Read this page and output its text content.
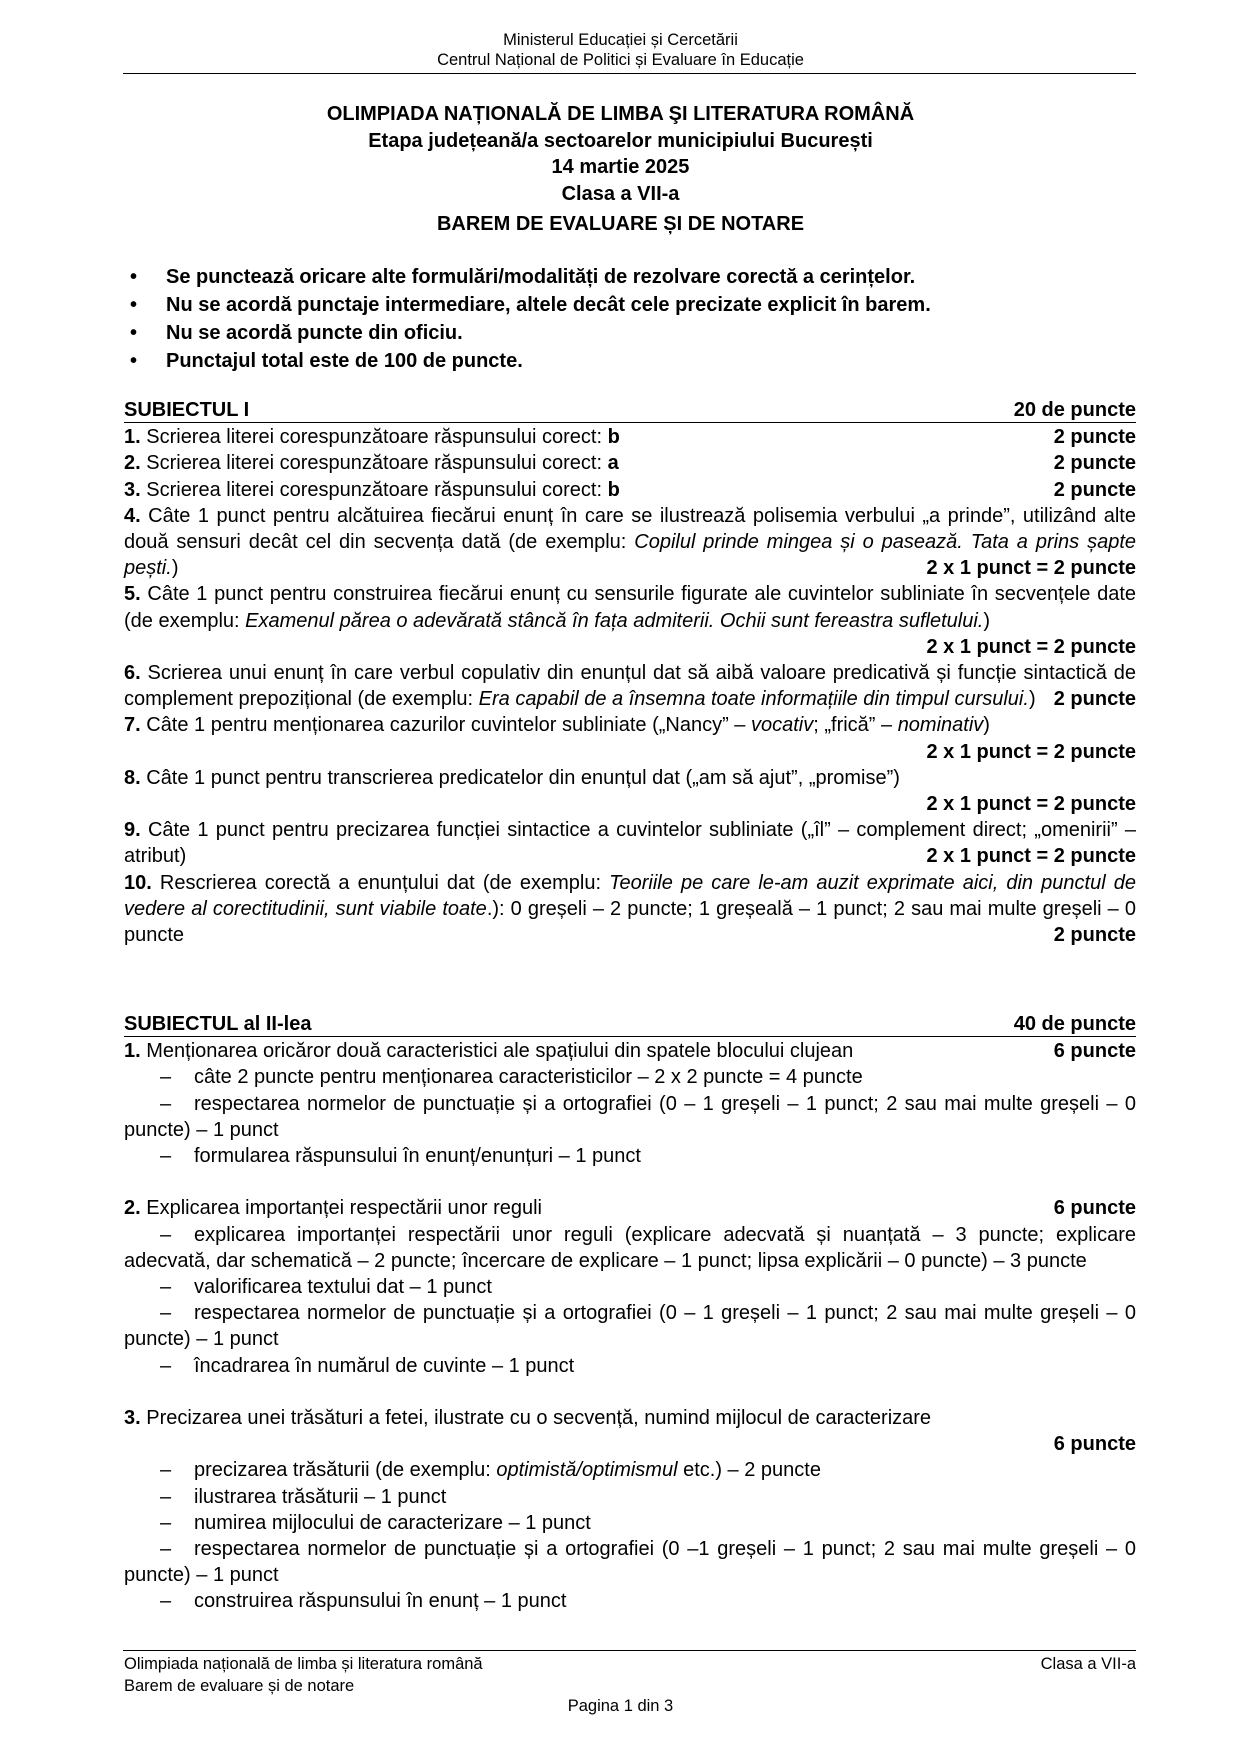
Ministerul Educației și Cercetării
Centrul Național de Politici și Evaluare în Educație
OLIMPIADA NAȚIONALĂ DE LIMBA ŞI LITERATURA ROMÂNĂ
Etapa județeană/a sectoarelor municipiului București
14 martie 2025
Clasa a VII-a
BAREM DE EVALUARE ȘI DE NOTARE
• Se punctează oricare alte formulări/modalități de rezolvare corectă a cerințelor.
• Nu se acordă punctaje intermediare, altele decât cele precizate explicit în barem.
• Nu se acordă puncte din oficiu.
• Punctajul total este de 100 de puncte.
SUBIECTUL I	20 de puncte
1. Scrierea literei corespunzătoare răspunsului corect: b	2 puncte
2. Scrierea literei corespunzătoare răspunsului corect: a	2 puncte
3. Scrierea literei corespunzătoare răspunsului corect: b	2 puncte
4. Câte 1 punct pentru alcătuirea fiecărui enunț în care se ilustrează polisemia verbului „a prinde”, utilizând alte două sensuri decât cel din secvența dată (de exemplu: Copilul prinde mingea și o pasează. Tata a prins șapte pești.)	2 x 1 punct = 2 puncte
5. Câte 1 punct pentru construirea fiecărui enunț cu sensurile figurate ale cuvintelor subliniate în secvențele date (de exemplu: Examenul părea o adevărată stâncă în fața admiterii. Ochii sunt fereastra sufletului.)
2 x 1 punct = 2 puncte
6. Scrierea unui enunț în care verbul copulativ din enunțul dat să aibă valoare predicativă și funcție sintactică de complement prepozițional (de exemplu: Era capabil de a însemna toate informațiile din timpul cursului.) 2 puncte
7. Câte 1 pentru menționarea cazurilor cuvintelor subliniate („Nancy” – vocativ; „frică” – nominativ)
2 x 1 punct = 2 puncte
8. Câte 1 punct pentru transcrierea predicatelor din enunțul dat („am să ajut”, „promise”)
2 x 1 punct = 2 puncte
9. Câte 1 punct pentru precizarea funcției sintactice a cuvintelor subliniate („îl” – complement direct; „omenirii” – atribut)	2 x 1 punct = 2 puncte
10. Rescrierea corectă a enunțului dat (de exemplu: Teoriile pe care le-am auzit exprimate aici, din punctul de vedere al corectitudinii, sunt viabile toate.): 0 greșeli – 2 puncte; 1 greșeală – 1 punct; 2 sau mai multe greșeli – 0 puncte	2 puncte
SUBIECTUL al II-lea	40 de puncte
1. Menționarea oricăror două caracteristici ale spațiului din spatele blocului clujean	6 puncte
– câte 2 puncte pentru menționarea caracteristicilor – 2 x 2 puncte = 4 puncte
– respectarea normelor de punctuație și a ortografiei (0 – 1 greșeli – 1 punct; 2 sau mai multe greșeli – 0 puncte) – 1 punct
– formularea răspunsului în enunț/enunțuri – 1 punct
2. Explicarea importanței respectării unor reguli	6 puncte
– explicarea importanței respectării unor reguli (explicare adecvată și nuanțată – 3 puncte; explicare adecvată, dar schematică – 2 puncte; încercare de explicare – 1 punct; lipsa explicării – 0 puncte) – 3 puncte
– valorificarea textului dat – 1 punct
– respectarea normelor de punctuație și a ortografiei (0 – 1 greșeli – 1 punct; 2 sau mai multe greșeli – 0 puncte) – 1 punct
– încadrarea în numărul de cuvinte – 1 punct
3. Precizarea unei trăsături a fetei, ilustrate cu o secvență, numind mijlocul de caracterizare
6 puncte
– precizarea trăsăturii (de exemplu: optimistă/optimismul etc.) – 2 puncte
– ilustrarea trăsăturii – 1 punct
– numirea mijlocului de caracterizare – 1 punct
– respectarea normelor de punctuație și a ortografiei (0 –1 greșeli – 1 punct; 2 sau mai multe greșeli – 0 puncte) – 1 punct
– construirea răspunsului în enunț – 1 punct
Olimpiada națională de limba și literatura română
Barem de evaluare și de notare
Clasa a VII-a
Pagina 1 din 3
